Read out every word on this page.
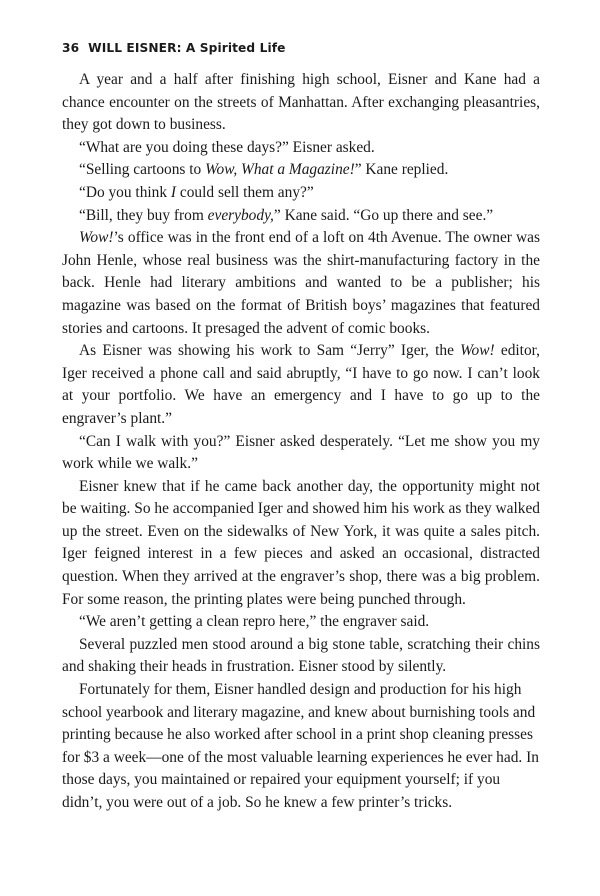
36 WILL EISNER: A Spirited Life

A year and a half after finishing high school, Eisner and Kane had a chance encounter on the streets of Manhattan. After exchanging pleasantries, they got down to business.

“What are you doing these days?” Eisner asked.

“Selling cartoons to Wow, What a Magazine!” Kane replied.

“Do you think I could sell them any?”

“Bill, they buy from everybody,” Kane said. “Go up there and see.”

Wow!’s office was in the front end of a loft on 4th Avenue. The owner was John Henle, whose real business was the shirt-manufacturing factory in the back. Henle had literary ambitions and wanted to be a publisher; his magazine was based on the format of British boys’ magazines that featured stories and cartoons. It presaged the advent of comic books.

As Eisner was showing his work to Sam “Jerry” Iger, the Wow! editor, Iger received a phone call and said abruptly, “I have to go now. I can’t look at your portfolio. We have an emergency and I have to go up to the engraver’s plant.”

“Can I walk with you?” Eisner asked desperately. “Let me show you my work while we walk.”

Eisner knew that if he came back another day, the opportunity might not be waiting. So he accompanied Iger and showed him his work as they walked up the street. Even on the sidewalks of New York, it was quite a sales pitch. Iger feigned interest in a few pieces and asked an occasional, distracted question. When they arrived at the engraver’s shop, there was a big problem. For some reason, the printing plates were being punched through.

“We aren’t getting a clean repro here,” the engraver said.

Several puzzled men stood around a big stone table, scratching their chins and shaking their heads in frustration. Eisner stood by silently.

Fortunately for them, Eisner handled design and production for his high school yearbook and literary magazine, and knew about burnishing tools and printing because he also worked after school in a print shop cleaning presses for $3 a week—one of the most valuable learning experiences he ever had. In those days, you maintained or repaired your equipment yourself; if you didn’t, you were out of a job. So he knew a few printer’s tricks.
